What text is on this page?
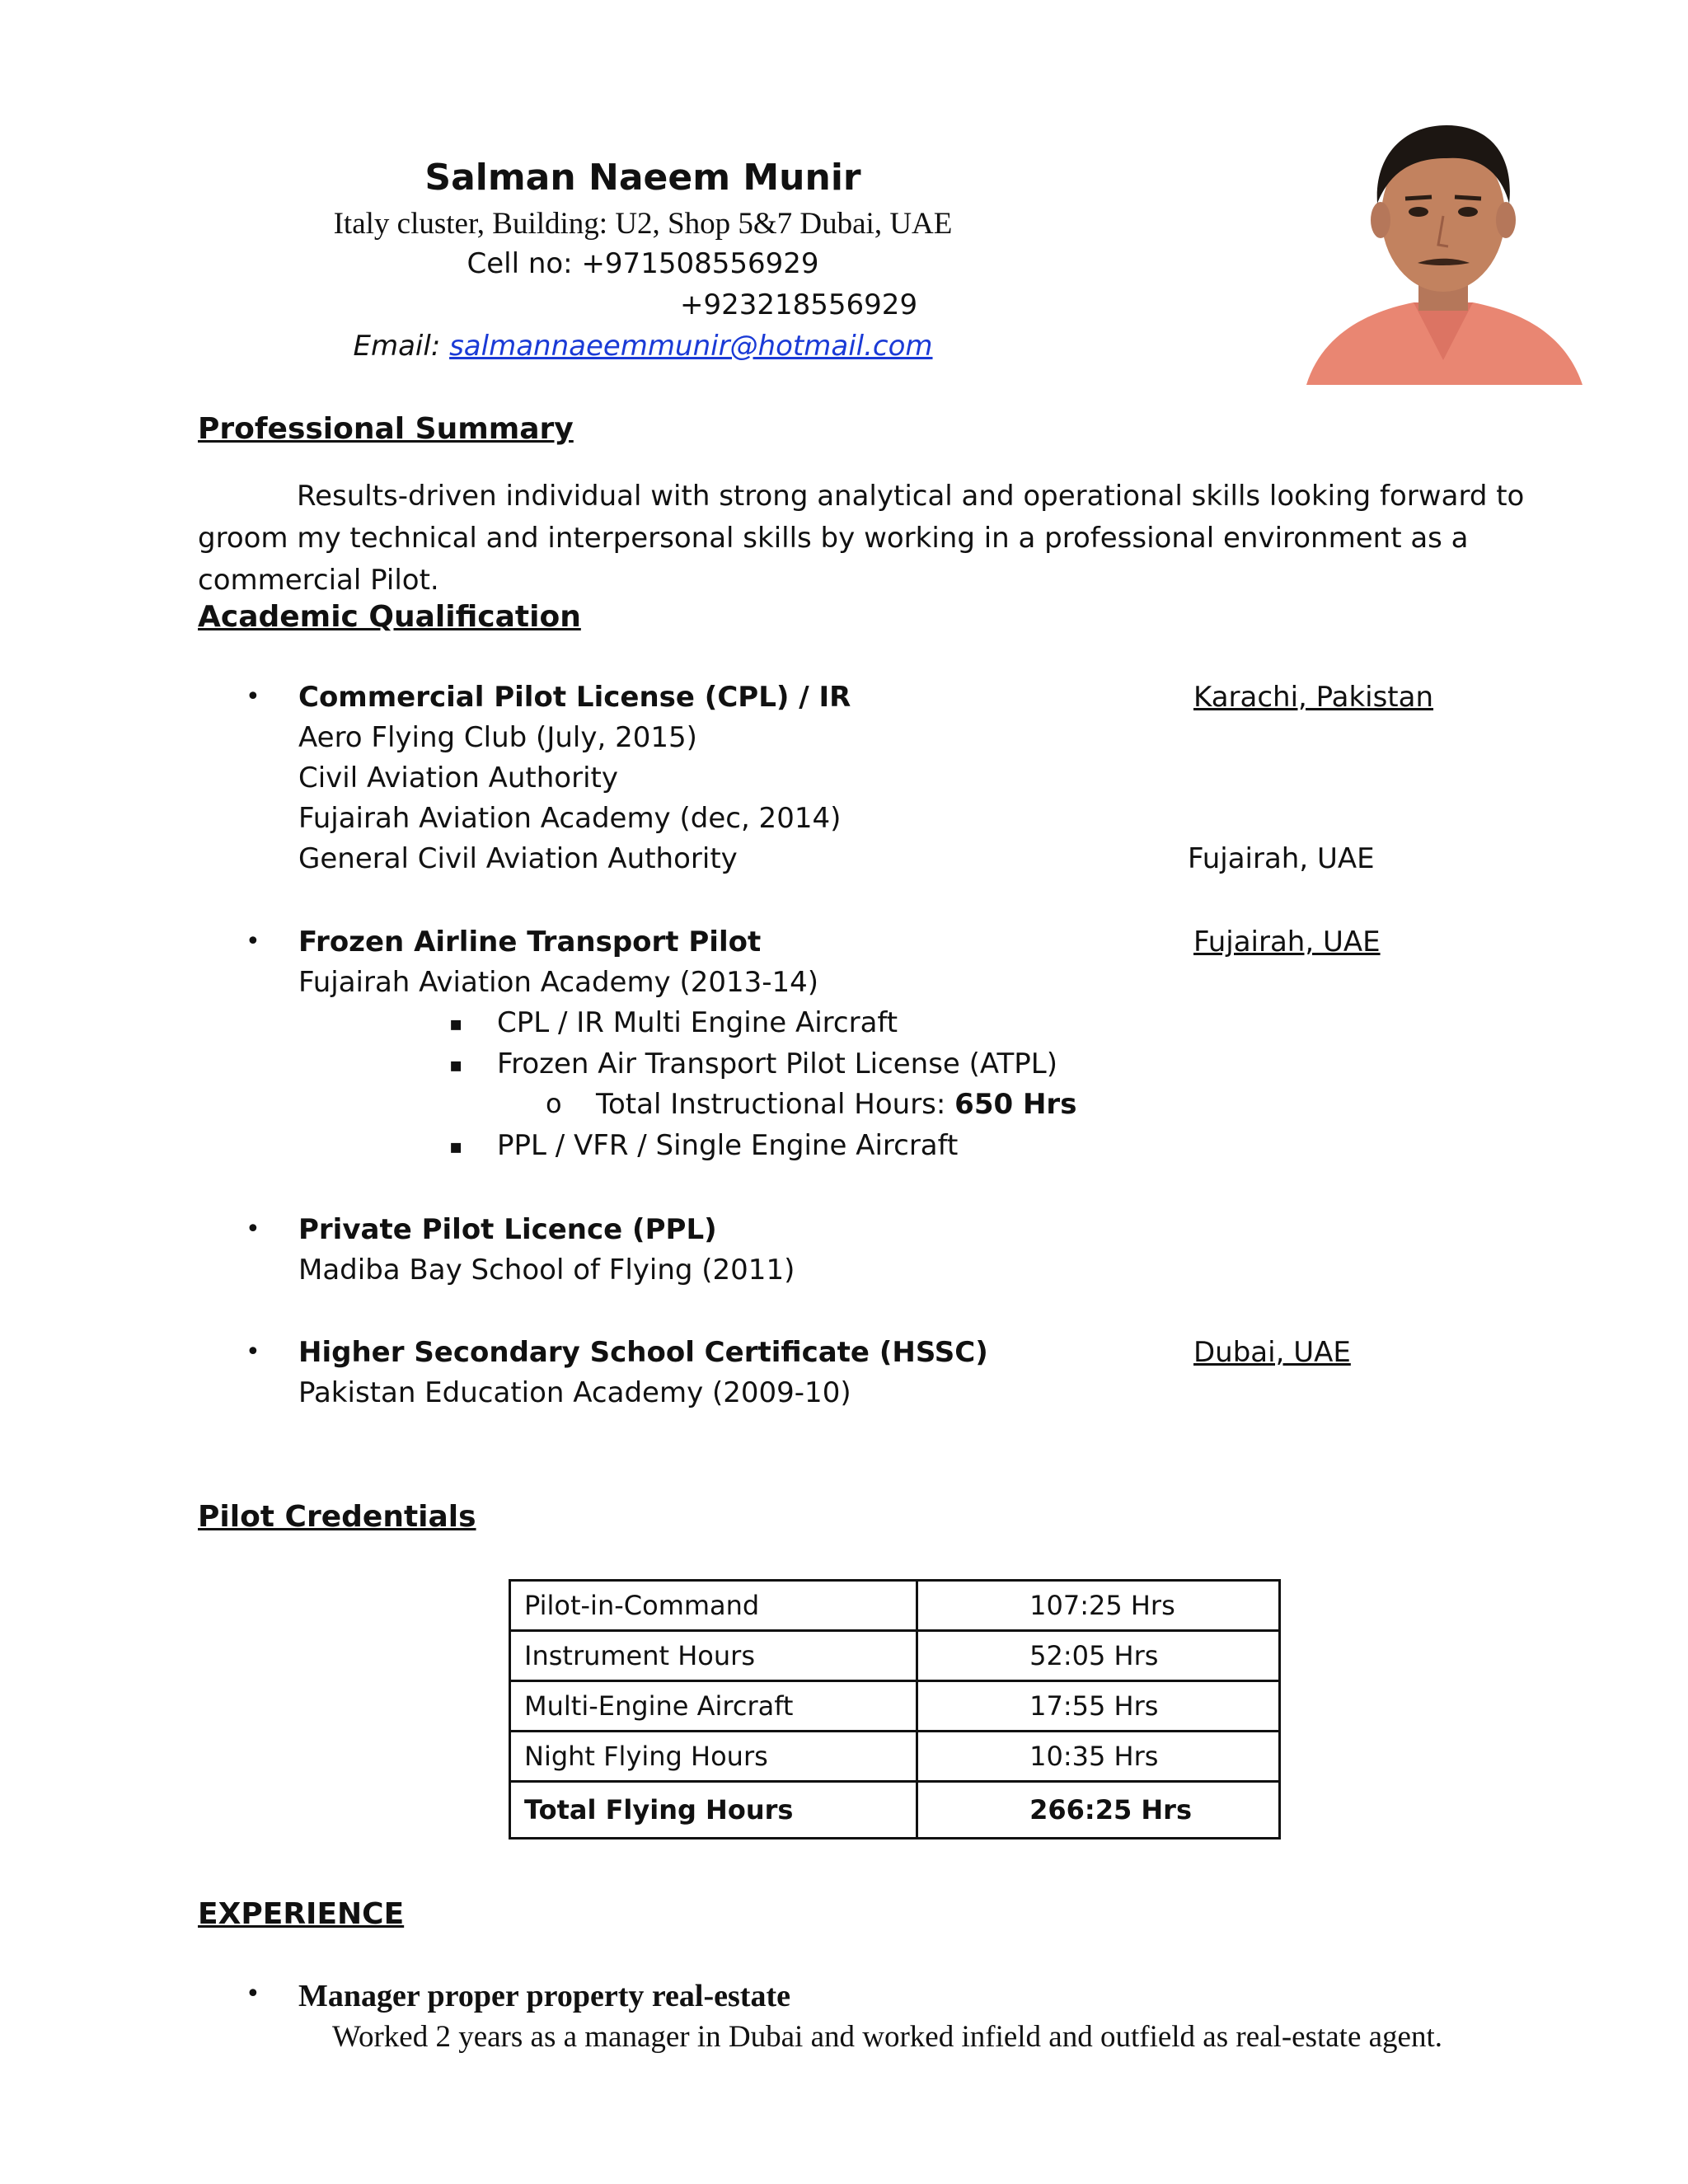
Salman Naeem Munir
Italy cluster, Building: U2, Shop 5&7 Dubai, UAE
Cell no: +971508556929
+923218556929
Email: salmannaeemmunir@hotmail.com
Professional Summary
Results-driven individual with strong analytical and operational skills looking forward to groom my technical and interpersonal skills by working in a professional environment as a commercial Pilot.
Academic Qualification
• Commercial Pilot License (CPL) / IR	Karachi, Pakistan
Aero Flying Club (July, 2015)
Civil Aviation Authority
Fujairah Aviation Academy (dec, 2014)
General Civil Aviation Authority	Fujairah, UAE
• Frozen Airline Transport Pilot	Fujairah, UAE
Fujairah Aviation Academy (2013-14)
▪ CPL / IR Multi Engine Aircraft
▪ Frozen Air Transport Pilot License (ATPL)
o Total Instructional Hours: 650 Hrs
▪ PPL / VFR / Single Engine Aircraft
• Private Pilot Licence (PPL)
Madiba Bay School of Flying (2011)
• Higher Secondary School Certificate (HSSC)	Dubai, UAE
Pakistan Education Academy (2009-10)
Pilot Credentials
Pilot-in-Command	107:25 Hrs
Instrument Hours	52:05 Hrs
Multi-Engine Aircraft	17:55 Hrs
Night Flying Hours	10:35 Hrs
Total Flying Hours	266:25 Hrs
EXPERIENCE
• Manager proper property real-estate
Worked 2 years as a manager in Dubai and worked infield and outfield as real-estate agent.
